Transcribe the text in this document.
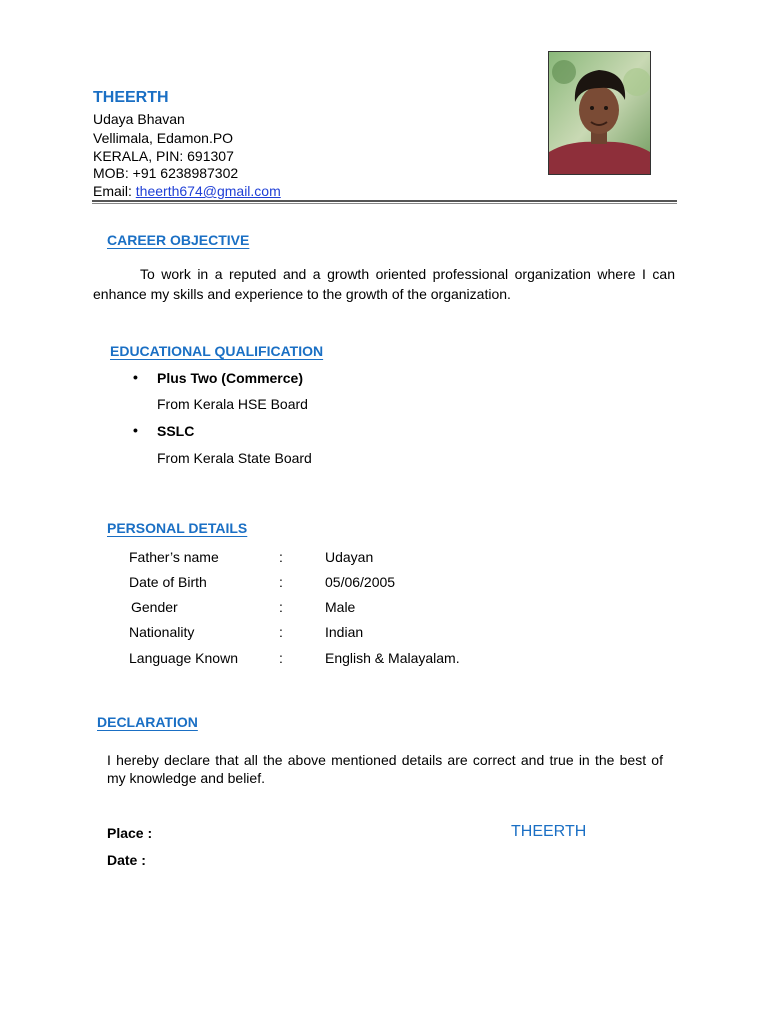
THEERTH
Udaya Bhavan
Vellimala, Edamon.PO
KERALA, PIN: 691307
MOB: +91 6238987302
Email: theerth674@gmail.com
CAREER OBJECTIVE
To work in a reputed and a growth oriented professional organization where I can enhance my skills and experience to the growth of the organization.
EDUCATIONAL QUALIFICATION
• Plus Two (Commerce)
From Kerala HSE Board
• SSLC
From Kerala State Board
PERSONAL DETAILS
Father’s name	:	Udayan
Date of Birth	:	05/06/2005
Gender	:	Male
Nationality	:	Indian
Language Known	:	English & Malayalam.
DECLARATION
I hereby declare that all the above mentioned details are correct and true in the best of my knowledge and belief.
Place :
Date :
THEERTH
